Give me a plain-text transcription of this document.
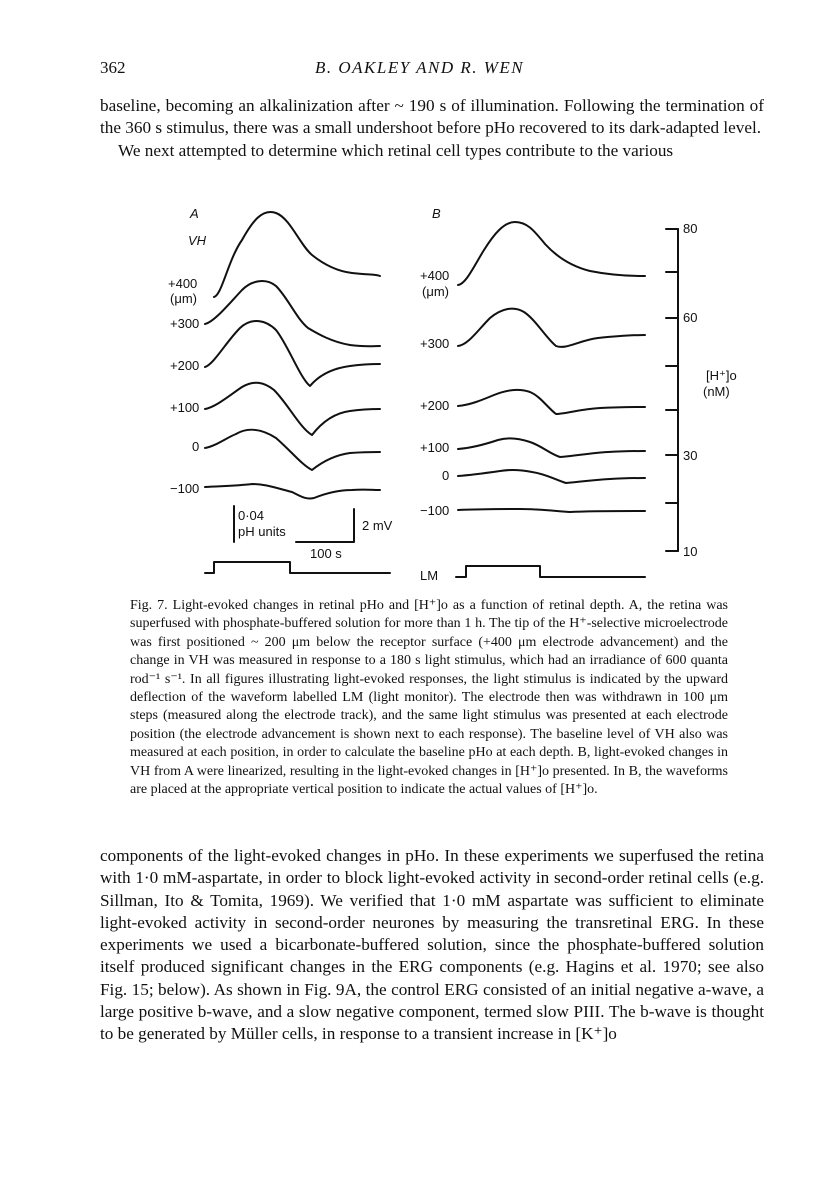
362	B. OAKLEY AND R. WEN

baseline, becoming an alkalinization after ~ 190 s of illumination. Following the termination of the 360 s stimulus, there was a small undershoot before pHo recovered to its dark-adapted level.

We next attempted to determine which retinal cell types contribute to the various

A
VH
+400
(μm)
+300
+200
+100
0
−100
0·04
pH units	2 mV
100 s
B
+400
(μm)
+300
+200
+100
0
−100
LM
80
60
30
10
[H⁺]o
(nM)

Fig. 7. Light-evoked changes in retinal pHo and [H⁺]o as a function of retinal depth. A, the retina was superfused with phosphate-buffered solution for more than 1 h. The tip of the H⁺-selective microelectrode was first positioned ~ 200 μm below the receptor surface (+400 μm electrode advancement) and the change in VH was measured in response to a 180 s light stimulus, which had an irradiance of 600 quanta rod⁻¹ s⁻¹. In all figures illustrating light-evoked responses, the light stimulus is indicated by the upward deflection of the waveform labelled LM (light monitor). The electrode then was withdrawn in 100 μm steps (measured along the electrode track), and the same light stimulus was presented at each electrode position (the electrode advancement is shown next to each response). The baseline level of VH also was measured at each position, in order to calculate the baseline pHo at each depth. B, light-evoked changes in VH from A were linearized, resulting in the light-evoked changes in [H⁺]o presented. In B, the waveforms are placed at the appropriate vertical position to indicate the actual values of [H⁺]o.

components of the light-evoked changes in pHo. In these experiments we superfused the retina with 1·0 mM-aspartate, in order to block light-evoked activity in second-order retinal cells (e.g. Sillman, Ito & Tomita, 1969). We verified that 1·0 mM aspartate was sufficient to eliminate light-evoked activity in second-order neurones by measuring the transretinal ERG. In these experiments we used a bicarbonate-buffered solution, since the phosphate-buffered solution itself produced significant changes in the ERG components (e.g. Hagins et al. 1970; see also Fig. 15; below). As shown in Fig. 9A, the control ERG consisted of an initial negative a-wave, a large positive b-wave, and a slow negative component, termed slow PIII. The b-wave is thought to be generated by Müller cells, in response to a transient increase in [K⁺]o
